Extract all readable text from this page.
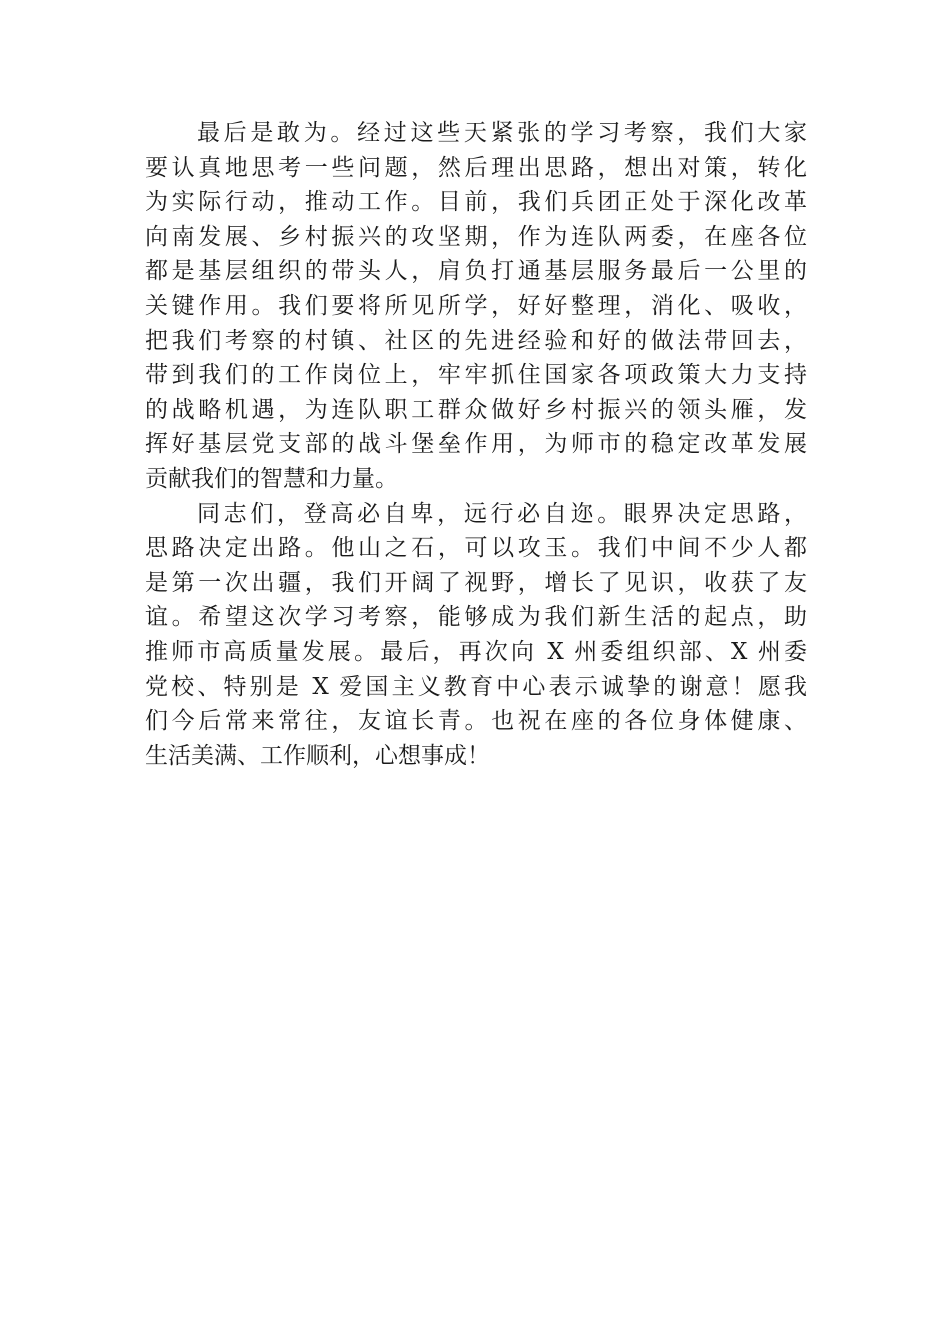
最后是敢为。经过这些天紧张的学习考察，我们大家
要认真地思考一些问题，然后理出思路，想出对策，转化
为实际行动，推动工作。目前，我们兵团正处于深化改革
向南发展、乡村振兴的攻坚期，作为连队两委，在座各位
都是基层组织的带头人，肩负打通基层服务最后一公里的
关键作用。我们要将所见所学，好好整理，消化、吸收，
把我们考察的村镇、社区的先进经验和好的做法带回去，
带到我们的工作岗位上，牢牢抓住国家各项政策大力支持
的战略机遇，为连队职工群众做好乡村振兴的领头雁，发
挥好基层党支部的战斗堡垒作用，为师市的稳定改革发展
贡献我们的智慧和力量。
同志们，登高必自卑，远行必自迩。眼界决定思路，
思路决定出路。他山之石，可以攻玉。我们中间不少人都
是第一次出疆，我们开阔了视野，增长了见识，收获了友
谊。希望这次学习考察，能够成为我们新生活的起点，助
推师市高质量发展。最后，再次向 X 州委组织部、X 州委
党校、特别是 X 爱国主义教育中心表示诚挚的谢意！愿我
们今后常来常往，友谊长青。也祝在座的各位身体健康、
生活美满、工作顺利，心想事成！
